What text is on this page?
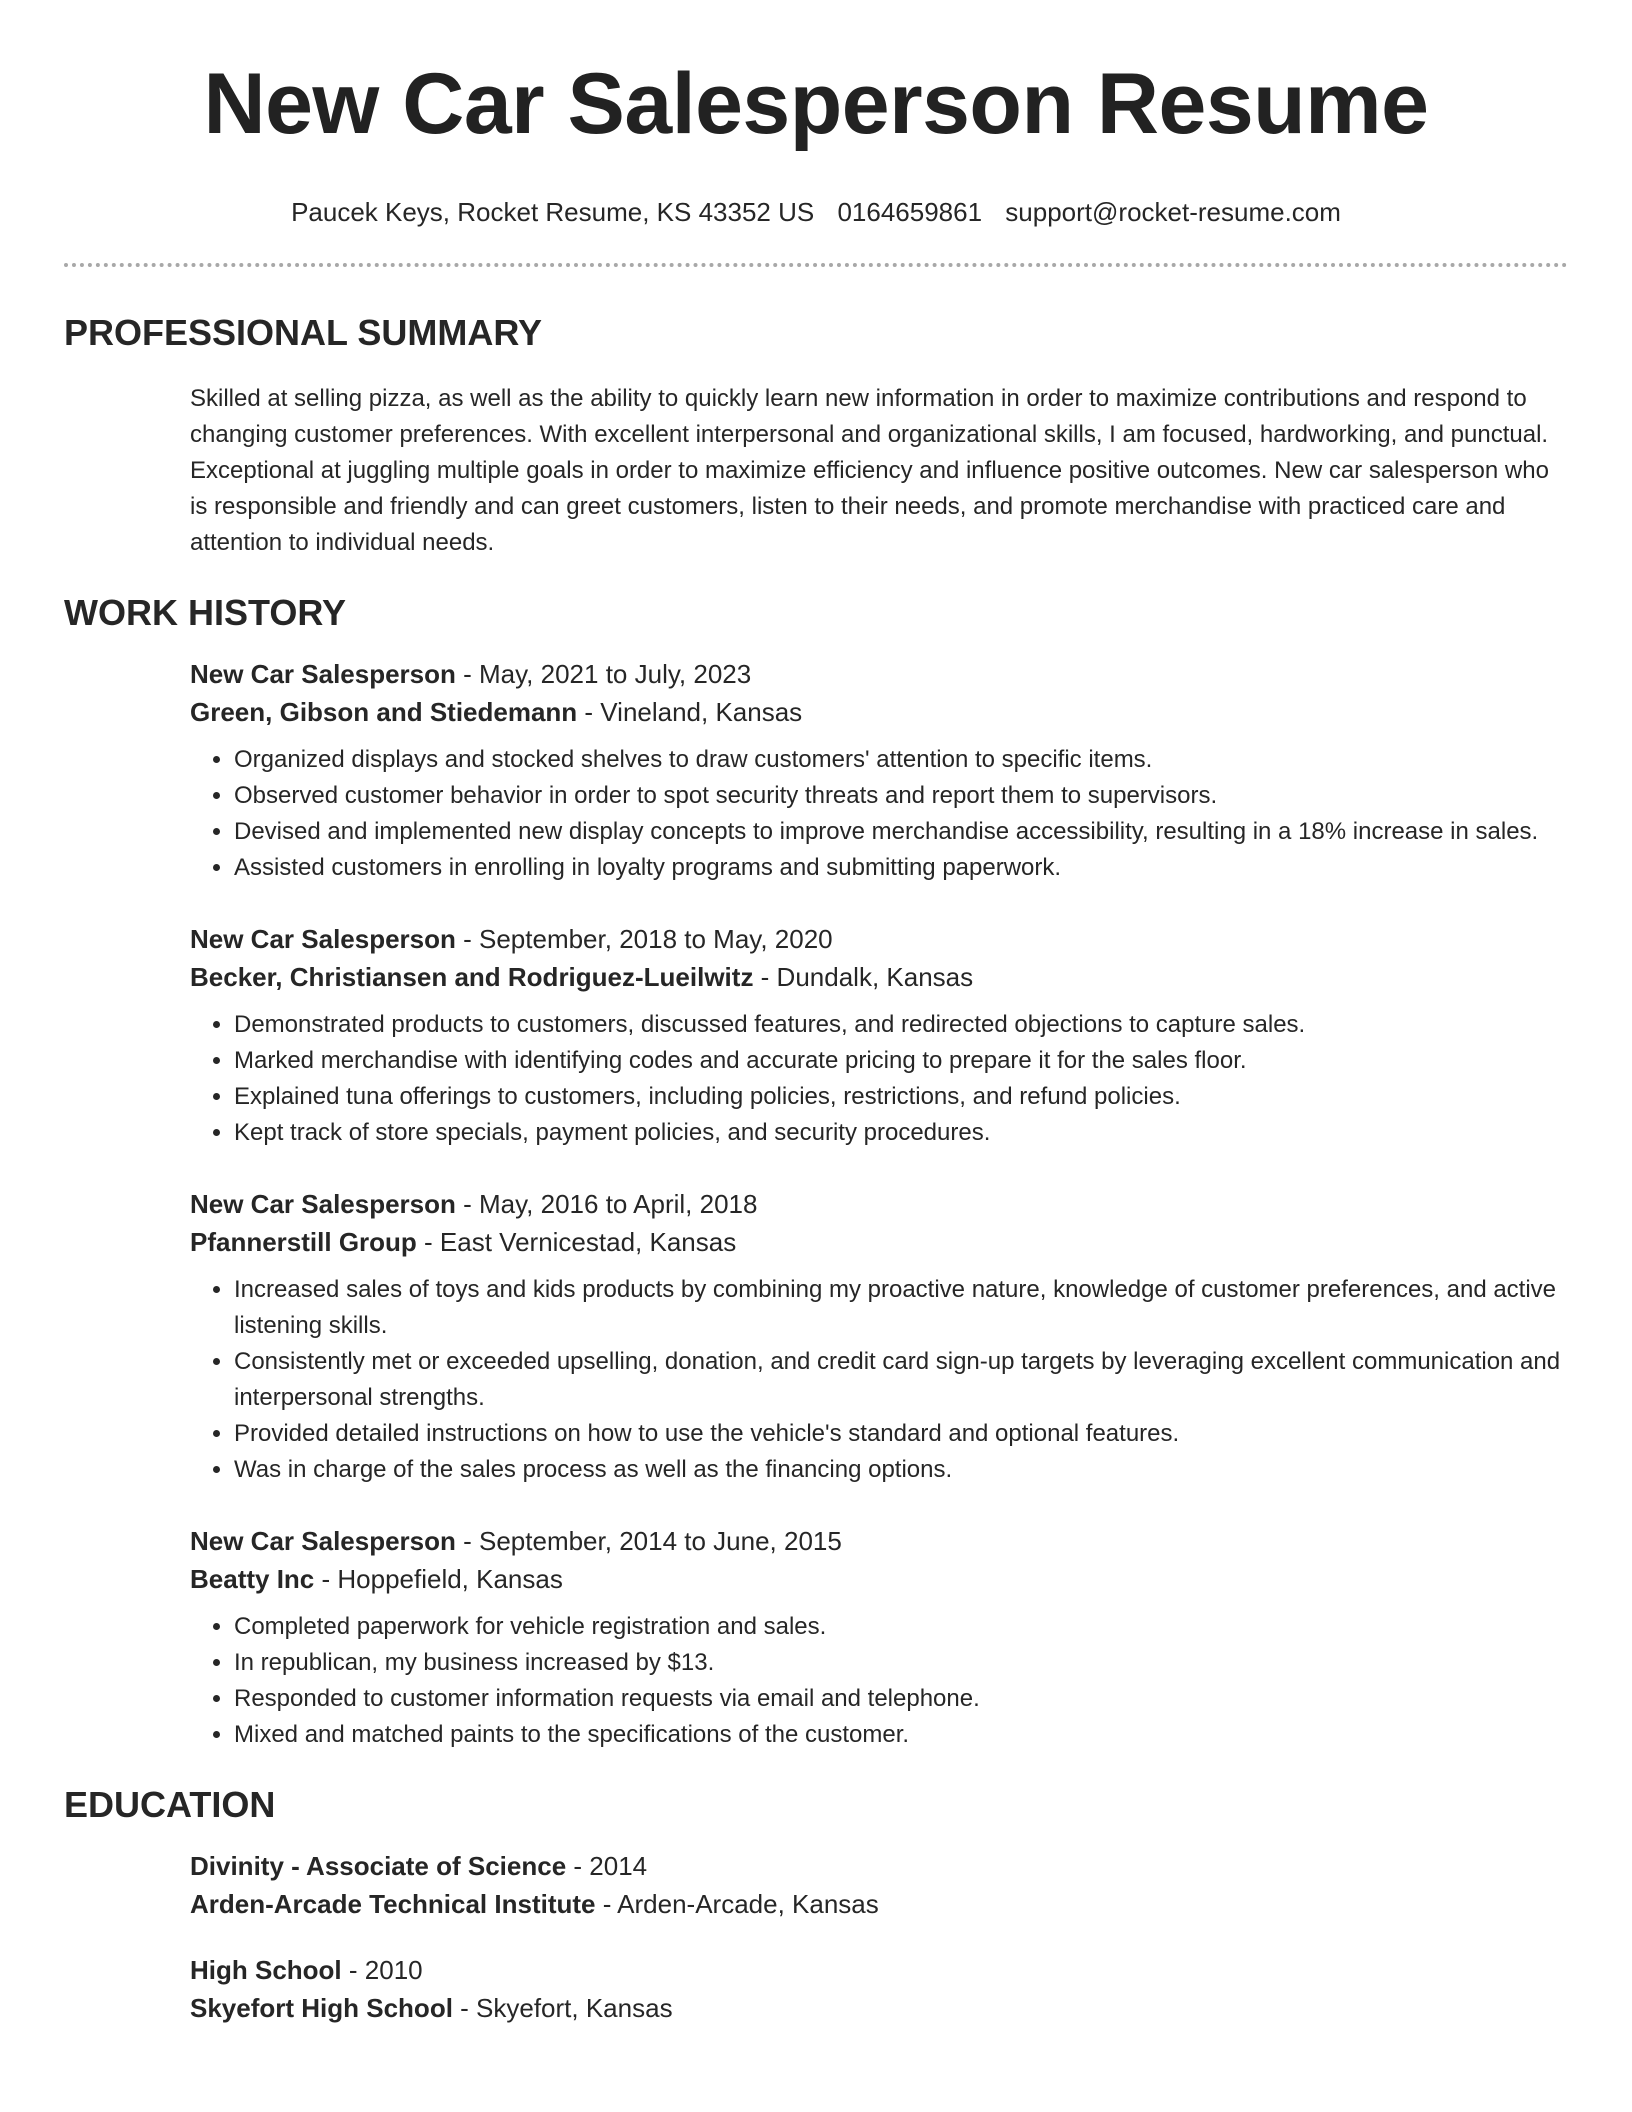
New Car Salesperson Resume
Paucek Keys, Rocket Resume, KS 43352 US 0164659861 support@rocket-resume.com
PROFESSIONAL SUMMARY

Skilled at selling pizza, as well as the ability to quickly learn new information in order to maximize contributions and respond to changing customer preferences. With excellent interpersonal and organizational skills, I am focused, hardworking, and punctual. Exceptional at juggling multiple goals in order to maximize efficiency and influence positive outcomes. New car salesperson who is responsible and friendly and can greet customers, listen to their needs, and promote merchandise with practiced care and attention to individual needs.

WORK HISTORY
New Car Salesperson - May, 2021 to July, 2023
Green, Gibson and Stiedemann - Vineland, Kansas
• Organized displays and stocked shelves to draw customers' attention to specific items.
• Observed customer behavior in order to spot security threats and report them to supervisors.
• Devised and implemented new display concepts to improve merchandise accessibility, resulting in a 18% increase in sales.
• Assisted customers in enrolling in loyalty programs and submitting paperwork.
New Car Salesperson - September, 2018 to May, 2020
Becker, Christiansen and Rodriguez-Lueilwitz - Dundalk, Kansas
• Demonstrated products to customers, discussed features, and redirected objections to capture sales.
• Marked merchandise with identifying codes and accurate pricing to prepare it for the sales floor.
• Explained tuna offerings to customers, including policies, restrictions, and refund policies.
• Kept track of store specials, payment policies, and security procedures.
New Car Salesperson - May, 2016 to April, 2018
Pfannerstill Group - East Vernicestad, Kansas
• Increased sales of toys and kids products by combining my proactive nature, knowledge of customer preferences, and active listening skills.
• Consistently met or exceeded upselling, donation, and credit card sign-up targets by leveraging excellent communication and interpersonal strengths.
• Provided detailed instructions on how to use the vehicle's standard and optional features.
• Was in charge of the sales process as well as the financing options.
New Car Salesperson - September, 2014 to June, 2015
Beatty Inc - Hoppefield, Kansas
• Completed paperwork for vehicle registration and sales.
• In republican, my business increased by $13.
• Responded to customer information requests via email and telephone.
• Mixed and matched paints to the specifications of the customer.
EDUCATION
Divinity - Associate of Science - 2014
Arden-Arcade Technical Institute - Arden-Arcade, Kansas
High School - 2010
Skyefort High School - Skyefort, Kansas
